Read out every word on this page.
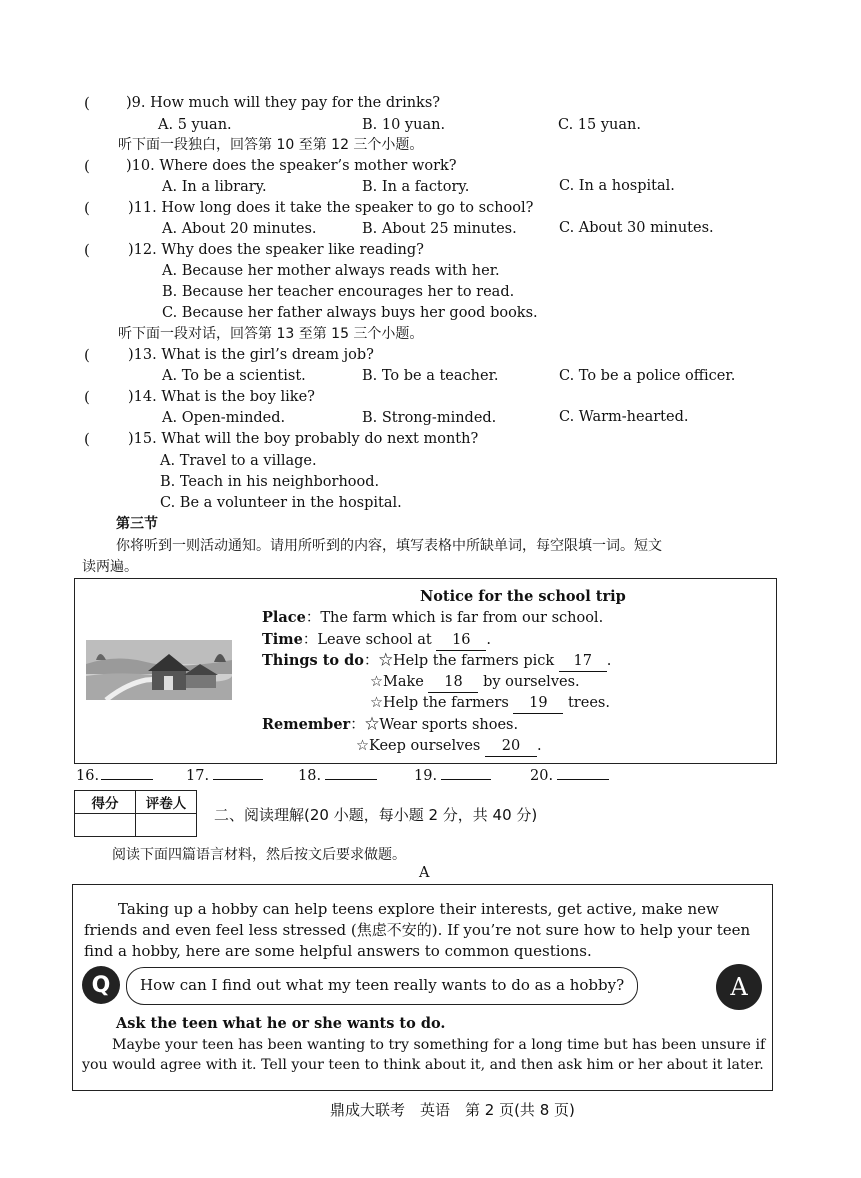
( )9. How much will they pay for the drinks?
A. 5 yuan.	B. 10 yuan.	C. 15 yuan.
听下面一段独白，回答第 10 至第 12 三个小题。
( )10. Where does the speaker’s mother work?
A. In a library.	B. In a factory.	C. In a hospital.
(	)11. How long does it take the speaker to go to school?
A. About 20 minutes.	B. About 25 minutes.	C. About 30 minutes.
(	)12. Why does the speaker like reading?
A. Because her mother always reads with her.
B. Because her teacher encourages her to read.
C. Because her father always buys her good books.
听下面一段对话，回答第 13 至第 15 三个小题。
(	)13. What is the girl’s dream job?
A. To be a scientist.	B. To be a teacher.	C. To be a police officer.
(	)14. What is the boy like?
A. Open-minded.	B. Strong-minded.	C. Warm-hearted.
(	)15. What will the boy probably do next month?
A. Travel to a village.
B. Teach in his neighborhood.
C. Be a volunteer in the hospital.
第三节
你将听到一则活动通知。请用所听到的内容，填写表格中所缺单词，每空限填一词。短文
读两遍。
Notice for the school trip
Place：The farm which is far from our school.
Time：Leave school at 16 .
Things to do：☆Help the farmers pick 17 .
☆Make 18 by ourselves.
☆Help the farmers 19 trees.
Remember：☆Wear sports shoes.
☆Keep ourselves 20 .
16.	17.	18.	19.	20.
得分	评卷人

二、阅读理解(20 小题，每小题 2 分，共 40 分)
阅读下面四篇语言材料，然后按文后要求做题。
A
Taking up a hobby can help teens explore their interests, get active, make new
friends and even feel less stressed (焦虑不安的). If you’re not sure how to help your teen
find a hobby, here are some helpful answers to common questions.
Q	How can I find out what my teen really wants to do as a hobby?	A
Ask the teen what he or she wants to do.
Maybe your teen has been wanting to try something for a long time but has been unsure if
you would agree with it. Tell your teen to think about it, and then ask him or her about it later.
鼎成大联考　英语　第 2 页(共 8 页)
